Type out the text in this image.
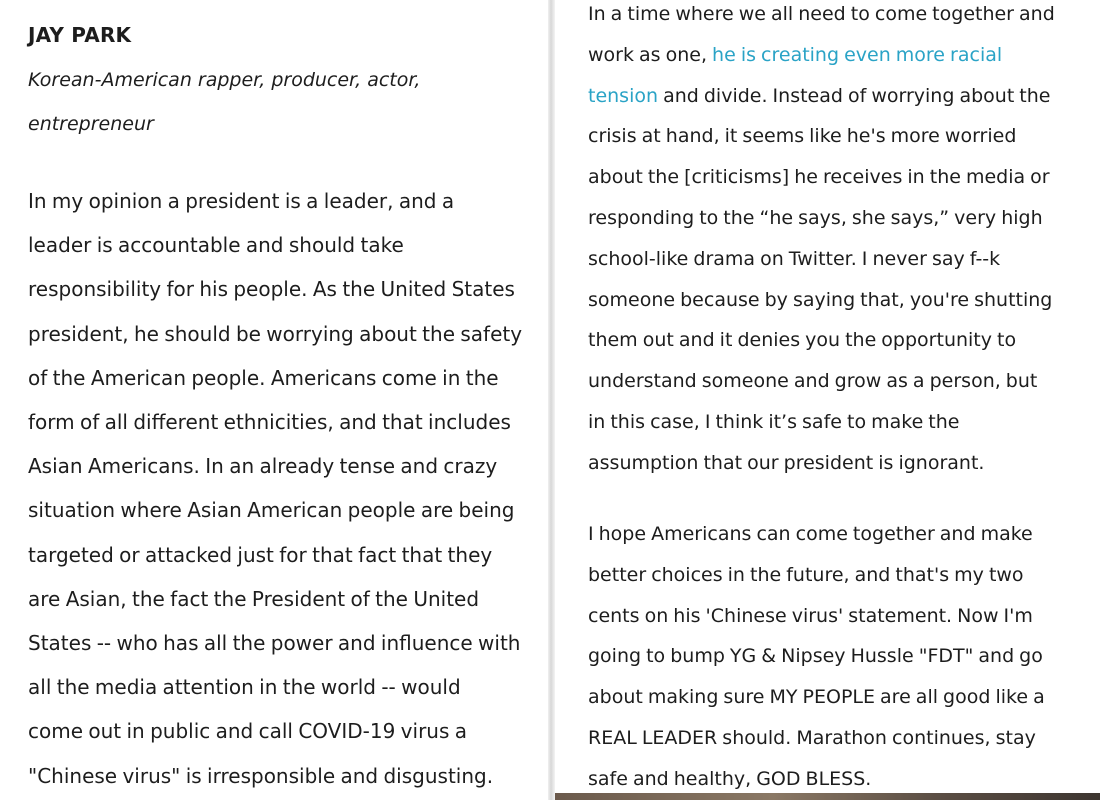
JAY PARK
Korean-American rapper, producer, actor,
entrepreneur

In my opinion a president is a leader, and a
leader is accountable and should take
responsibility for his people. As the United States
president, he should be worrying about the safety
of the American people. Americans come in the
form of all different ethnicities, and that includes
Asian Americans. In an already tense and crazy
situation where Asian American people are being
targeted or attacked just for that fact that they
are Asian, the fact the President of the United
States -- who has all the power and influence with
all the media attention in the world -- would
come out in public and call COVID-19 virus a
"Chinese virus" is irresponsible and disgusting.

In a time where we all need to come together and
work as one, he is creating even more racial
tension and divide. Instead of worrying about the
crisis at hand, it seems like he's more worried
about the [criticisms] he receives in the media or
responding to the “he says, she says,” very high
school-like drama on Twitter. I never say f--k
someone because by saying that, you're shutting
them out and it denies you the opportunity to
understand someone and grow as a person, but
in this case, I think it’s safe to make the
assumption that our president is ignorant.

I hope Americans can come together and make
better choices in the future, and that's my two
cents on his 'Chinese virus' statement. Now I'm
going to bump YG & Nipsey Hussle "FDT" and go
about making sure MY PEOPLE are all good like a
REAL LEADER should. Marathon continues, stay
safe and healthy, GOD BLESS.
